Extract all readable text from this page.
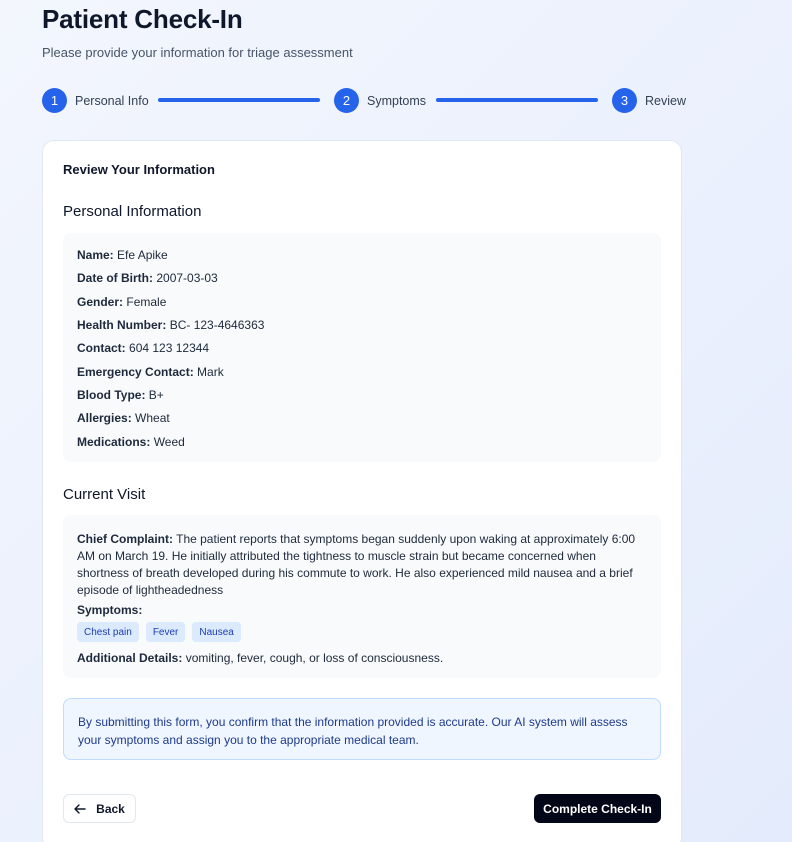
Patient Check-In
Please provide your information for triage assessment
1	Personal Info	2	Symptoms	3	Review
Review Your Information
Personal Information
Name: Efe Apike
Date of Birth: 2007-03-03
Gender: Female
Health Number: BC- 123-4646363
Contact: 604 123 12344
Emergency Contact: Mark
Blood Type: B+
Allergies: Wheat
Medications: Weed
Current Visit
Chief Complaint: The patient reports that symptoms began suddenly upon waking at approximately 6:00 AM on March 19. He initially attributed the tightness to muscle strain but became concerned when shortness of breath developed during his commute to work. He also experienced mild nausea and a brief episode of lightheadedness
Symptoms:
Chest pain	Fever	Nausea
Additional Details: vomiting, fever, cough, or loss of consciousness.
By submitting this form, you confirm that the information provided is accurate. Our AI system will assess your symptoms and assign you to the appropriate medical team.
Back	Complete Check-In
